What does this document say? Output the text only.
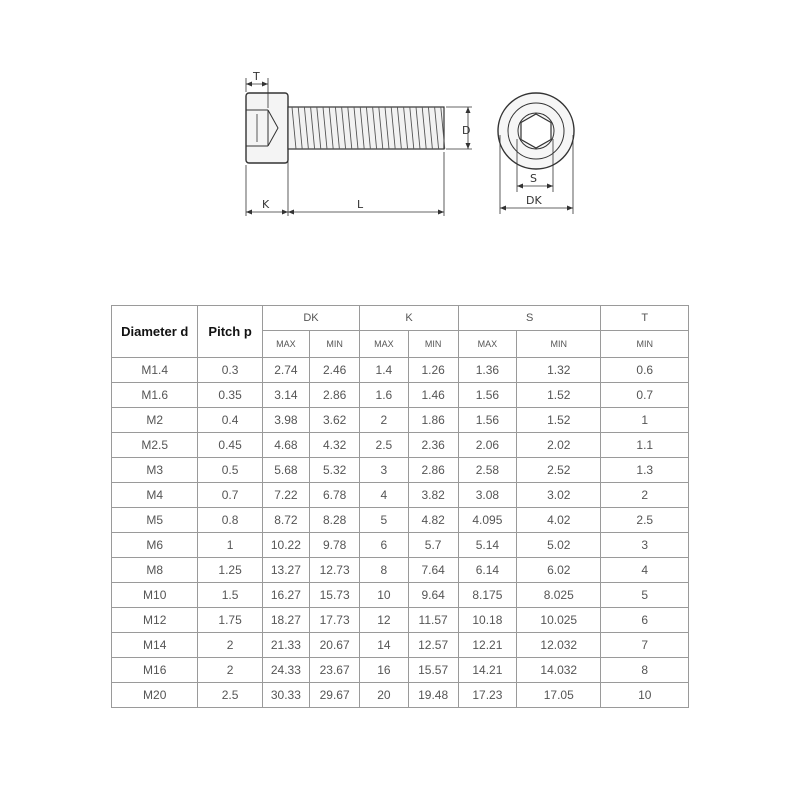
T
K	L
D
S
DK
Diameter d	Pitch p	DK		K		S		T
		MAX	MIN	MAX	MIN	MAX	MIN	MIN
M1.4	0.3	2.74	2.46	1.4	1.26	1.36	1.32	0.6
M1.6	0.35	3.14	2.86	1.6	1.46	1.56	1.52	0.7
M2	0.4	3.98	3.62	2	1.86	1.56	1.52	1
M2.5	0.45	4.68	4.32	2.5	2.36	2.06	2.02	1.1
M3	0.5	5.68	5.32	3	2.86	2.58	2.52	1.3
M4	0.7	7.22	6.78	4	3.82	3.08	3.02	2
M5	0.8	8.72	8.28	5	4.82	4.095	4.02	2.5
M6	1	10.22	9.78	6	5.7	5.14	5.02	3
M8	1.25	13.27	12.73	8	7.64	6.14	6.02	4
M10	1.5	16.27	15.73	10	9.64	8.175	8.025	5
M12	1.75	18.27	17.73	12	11.57	10.18	10.025	6
M14	2	21.33	20.67	14	12.57	12.21	12.032	7
M16	2	24.33	23.67	16	15.57	14.21	14.032	8
M20	2.5	30.33	29.67	20	19.48	17.23	17.05	10
